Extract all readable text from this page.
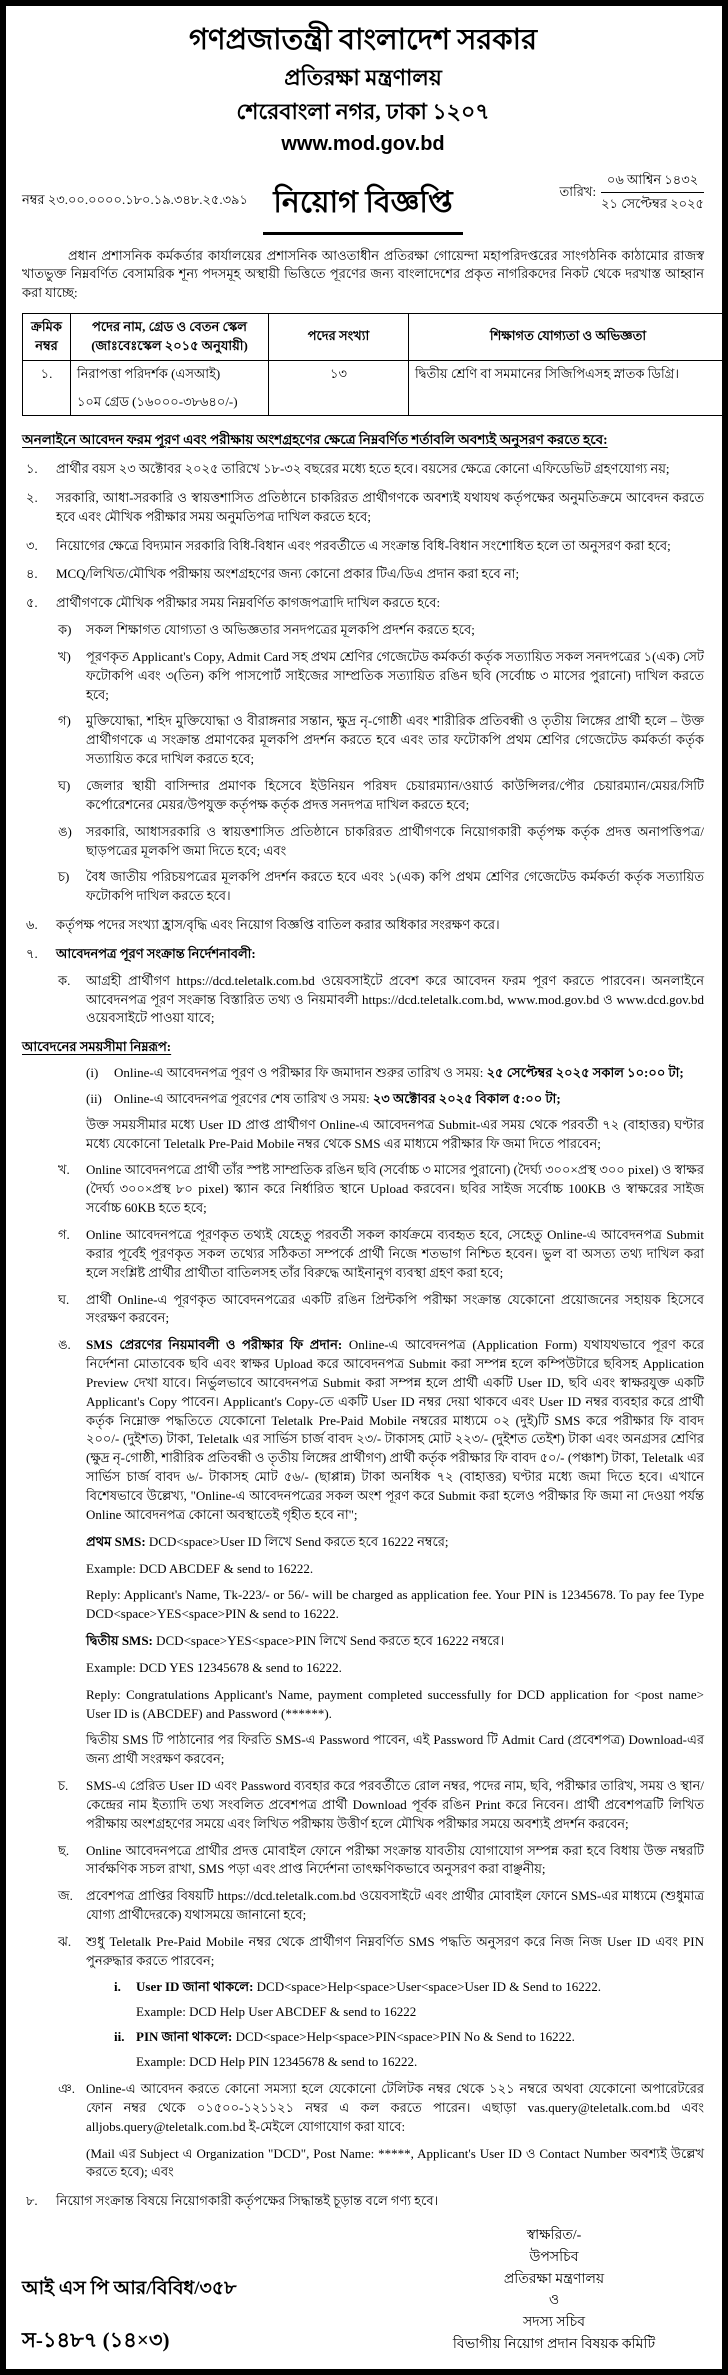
গণপ্রজাতন্ত্রী বাংলাদেশ সরকার
প্রতিরক্ষা মন্ত্রণালয়
শেরেবাংলা নগর, ঢাকা ১২০৭
www.mod.gov.bd
নম্বর ২৩.০০.০০০০.১৮০.১৯.৩৪৮.২৫.৩৯১ নিয়োগ বিজ্ঞপ্তি	তারিখ:
০৬ আশ্বিন ১৪৩২
২১ সেপ্টেম্বর ২০২৫
প্রধান প্রশাসনিক কর্মকর্তার কার্যালয়ের প্রশাসনিক আওতাধীন প্রতিরক্ষা গোয়েন্দা মহাপরিদপ্তরের সাংগঠনিক কাঠামোর রাজস্ব খাতভুক্ত নিম্নবর্ণিত বেসামরিক শূন্য পদসমূহ অস্থায়ী ভিত্তিতে পূরণের জন্য বাংলাদেশের প্রকৃত নাগরিকদের নিকট থেকে দরখাস্ত আহ্বান করা যাচ্ছে:
ক্রমিক নম্বর	পদের নাম, গ্রেড ও বেতন স্কেল (জাঃবেঃস্কেল ২০১৫ অনুযায়ী)	পদের সংখ্যা	শিক্ষাগত যোগ্যতা ও অভিজ্ঞতা
১.	নিরাপত্তা পরিদর্শক (এসআই)
১০ম গ্রেড (১৬০০০-৩৮৬৪০/-)	১৩	দ্বিতীয় শ্রেণি বা সমমানের সিজিপিএসহ স্নাতক ডিগ্রি।
অনলাইনে আবেদন ফরম পূরণ এবং পরীক্ষায় অংশগ্রহণের ক্ষেত্রে নিম্নবর্ণিত শর্তাবলি অবশ্যই অনুসরণ করতে হবে:
১.	প্রার্থীর বয়স ২৩ অক্টোবর ২০২৫ তারিখে ১৮-৩২ বছরের মধ্যে হতে হবে। বয়সের ক্ষেত্রে কোনো এফিডেভিট গ্রহণযোগ্য নয়;
২.	সরকারি, আধা-সরকারি ও স্বায়ত্তশাসিত প্রতিষ্ঠানে চাকরিরত প্রার্থীগণকে অবশ্যই যথাযথ কর্তৃপক্ষের অনুমতিক্রমে আবেদন করতে হবে এবং মৌখিক পরীক্ষার সময় অনুমতিপত্র দাখিল করতে হবে;
৩.	নিয়োগের ক্ষেত্রে বিদ্যমান সরকারি বিধি-বিধান এবং পরবর্তীতে এ সংক্রান্ত বিধি-বিধান সংশোধিত হলে তা অনুসরণ করা হবে;
৪.	MCQ/লিখিত/মৌখিক পরীক্ষায় অংশগ্রহণের জন্য কোনো প্রকার টিএ/ডিএ প্রদান করা হবে না;
৫.	প্রার্থীগণকে মৌখিক পরীক্ষার সময় নিম্নবর্ণিত কাগজপত্রাদি দাখিল করতে হবে:
ক)	সকল শিক্ষাগত যোগ্যতা ও অভিজ্ঞতার সনদপত্রের মূলকপি প্রদর্শন করতে হবে;
খ)	পূরণকৃত Applicant's Copy, Admit Card সহ প্রথম শ্রেণির গেজেটেড কর্মকর্তা কর্তৃক সত্যায়িত সকল সনদপত্রের ১(এক) সেট ফটোকপি এবং ৩(তিন) কপি পাসপোর্ট সাইজের সাম্প্রতিক সত্যায়িত রঙিন ছবি (সর্বোচ্চ ৩ মাসের পুরানো) দাখিল করতে হবে;
গ)	মুক্তিযোদ্ধা, শহিদ মুক্তিযোদ্ধা ও বীরাঙ্গনার সন্তান, ক্ষুদ্র নৃ-গোষ্ঠী এবং শারীরিক প্রতিবন্ধী ও তৃতীয় লিঙ্গের প্রার্থী হলে – উক্ত প্রার্থীগণকে এ সংক্রান্ত প্রমাণকের মূলকপি প্রদর্শন করতে হবে এবং তার ফটোকপি প্রথম শ্রেণির গেজেটেড কর্মকর্তা কর্তৃক সত্যায়িত করে দাখিল করতে হবে;
ঘ)	জেলার স্থায়ী বাসিন্দার প্রমাণক হিসেবে ইউনিয়ন পরিষদ চেয়ারম্যান/ওয়ার্ড কাউন্সিলর/পৌর চেয়ারম্যান/মেয়র/সিটি কর্পোরেশনের মেয়র/উপযুক্ত কর্তৃপক্ষ কর্তৃক প্রদত্ত সনদপত্র দাখিল করতে হবে;
ঙ)	সরকারি, আধাসরকারি ও স্বায়ত্তশাসিত প্রতিষ্ঠানে চাকরিরত প্রার্থীগণকে নিয়োগকারী কর্তৃপক্ষ কর্তৃক প্রদত্ত অনাপত্তিপত্র/ছাড়পত্রের মূলকপি জমা দিতে হবে; এবং
চ)	বৈধ জাতীয় পরিচয়পত্রের মূলকপি প্রদর্শন করতে হবে এবং ১(এক) কপি প্রথম শ্রেণির গেজেটেড কর্মকর্তা কর্তৃক সত্যায়িত ফটোকপি দাখিল করতে হবে।
৬.	কর্তৃপক্ষ পদের সংখ্যা হ্রাস/বৃদ্ধি এবং নিয়োগ বিজ্ঞপ্তি বাতিল করার অধিকার সংরক্ষণ করে।
৭.	আবেদনপত্র পূরণ সংক্রান্ত নির্দেশনাবলী:
ক.	আগ্রহী প্রার্থীগণ https://dcd.teletalk.com.bd ওয়েবসাইটে প্রবেশ করে আবেদন ফরম পূরণ করতে পারবেন। অনলাইনে আবেদনপত্র পূরণ সংক্রান্ত বিস্তারিত তথ্য ও নিয়মাবলী https://dcd.teletalk.com.bd, www.mod.gov.bd ও www.dcd.gov.bd ওয়েবসাইটে পাওয়া যাবে;
আবেদনের সময়সীমা নিম্নরূপ:
(i)	Online-এ আবেদনপত্র পূরণ ও পরীক্ষার ফি জমাদান শুরুর তারিখ ও সময়: ২৫ সেপ্টেম্বর ২০২৫ সকাল ১০:০০ টা;
(ii) Online-এ আবেদনপত্র পূরণের শেষ তারিখ ও সময়: ২৩ অক্টোবর ২০২৫ বিকাল ৫:০০ টা;
উক্ত সময়সীমার মধ্যে User ID প্রাপ্ত প্রার্থীগণ Online-এ আবেদনপত্র Submit-এর সময় থেকে পরবর্তী ৭২ (বাহাত্তর) ঘণ্টার মধ্যে যেকোনো Teletalk Pre-Paid Mobile নম্বর থেকে SMS এর মাধ্যমে পরীক্ষার ফি জমা দিতে পারবেন;
খ.	Online আবেদনপত্রে প্রার্থী তাঁর স্পষ্ট সাম্প্রতিক রঙিন ছবি (সর্বোচ্চ ৩ মাসের পুরানো) (দৈর্ঘ্য ৩০০×প্রস্থ ৩০০ pixel) ও স্বাক্ষর (দৈর্ঘ্য ৩০০×প্রস্থ ৮০ pixel) স্ক্যান করে নির্ধারিত স্থানে Upload করবেন। ছবির সাইজ সর্বোচ্চ 100KB ও স্বাক্ষরের সাইজ সর্বোচ্চ 60KB হতে হবে;
গ.	Online আবেদনপত্রে পূরণকৃত তথ্যই যেহেতু পরবর্তী সকল কার্যক্রমে ব্যবহৃত হবে, সেহেতু Online-এ আবেদনপত্র Submit করার পূর্বেই পূরণকৃত সকল তথ্যের সঠিকতা সম্পর্কে প্রার্থী নিজে শতভাগ নিশ্চিত হবেন। ভুল বা অসত্য তথ্য দাখিল করা হলে সংশ্লিষ্ট প্রার্থীর প্রার্থীতা বাতিলসহ তাঁর বিরুদ্ধে আইনানুগ ব্যবস্থা গ্রহণ করা হবে;
ঘ.	প্রার্থী Online-এ পূরণকৃত আবেদনপত্রের একটি রঙিন প্রিন্টকপি পরীক্ষা সংক্রান্ত যেকোনো প্রয়োজনের সহায়ক হিসেবে সংরক্ষণ করবেন;
ঙ.	SMS প্রেরণের নিয়মাবলী ও পরীক্ষার ফি প্রদান: Online-এ আবেদনপত্র (Application Form) যথাযথভাবে পূরণ করে নির্দেশনা মোতাবেক ছবি এবং স্বাক্ষর Upload করে আবেদনপত্র Submit করা সম্পন্ন হলে কম্পিউটারে ছবিসহ Application Preview দেখা যাবে। নির্ভুলভাবে আবেদনপত্র Submit করা সম্পন্ন হলে প্রার্থী একটি User ID, ছবি এবং স্বাক্ষরযুক্ত একটি Applicant's Copy পাবেন। Applicant's Copy-তে একটি User ID নম্বর দেয়া থাকবে এবং User ID নম্বর ব্যবহার করে প্রার্থী কর্তৃক নিম্নোক্ত পদ্ধতিতে যেকোনো Teletalk Pre-Paid Mobile নম্বরের মাধ্যমে ০২ (দুই)টি SMS করে পরীক্ষার ফি বাবদ ২০০/- (দুইশত) টাকা, Teletalk এর সার্ভিস চার্জ বাবদ ২৩/- টাকাসহ মোট ২২৩/- (দুইশত তেইশ) টাকা এবং অনগ্রসর শ্রেণির (ক্ষুদ্র নৃ-গোষ্ঠী, শারীরিক প্রতিবন্ধী ও তৃতীয় লিঙ্গের প্রার্থীগণ) প্রার্থী কর্তৃক পরীক্ষার ফি বাবদ ৫০/- (পঞ্চাশ) টাকা, Teletalk এর সার্ভিস চার্জ বাবদ ৬/- টাকাসহ মোট ৫৬/- (ছাপ্পান্ন) টাকা অনধিক ৭২ (বাহাত্তর) ঘণ্টার মধ্যে জমা দিতে হবে। এখানে বিশেষভাবে উল্লেখ্য, "Online-এ আবেদনপত্রের সকল অংশ পূরণ করে Submit করা হলেও পরীক্ষার ফি জমা না দেওয়া পর্যন্ত Online আবেদনপত্র কোনো অবস্থাতেই গৃহীত হবে না";
প্রথম SMS: DCD<space>User ID লিখে Send করতে হবে 16222 নম্বরে;
Example: DCD ABCDEF & send to 16222.
Reply: Applicant's Name, Tk-223/- or 56/- will be charged as application fee. Your PIN is 12345678. To pay fee Type DCD<space>YES<space>PIN & send to 16222.
দ্বিতীয় SMS: DCD<space>YES<space>PIN লিখে Send করতে হবে 16222 নম্বরে।
Example: DCD YES 12345678 & send to 16222.
Reply: Congratulations Applicant's Name, payment completed successfully for DCD application for <post name> User ID is (ABCDEF) and Password (******).
দ্বিতীয় SMS টি পাঠানোর পর ফিরতি SMS-এ Password পাবেন, এই Password টি Admit Card (প্রবেশপত্র) Download-এর জন্য প্রার্থী সংরক্ষণ করবেন;
চ.	SMS-এ প্রেরিত User ID এবং Password ব্যবহার করে পরবর্তীতে রোল নম্বর, পদের নাম, ছবি, পরীক্ষার তারিখ, সময় ও স্থান/কেন্দ্রের নাম ইত্যাদি তথ্য সংবলিত প্রবেশপত্র প্রার্থী Download পূর্বক রঙিন Print করে নিবেন। প্রার্থী প্রবেশপত্রটি লিখিত পরীক্ষায় অংশগ্রহণের সময়ে এবং লিখিত পরীক্ষায় উত্তীর্ণ হলে মৌখিক পরীক্ষার সময়ে অবশ্যই প্রদর্শন করবেন;
ছ.	Online আবেদনপত্রে প্রার্থীর প্রদত্ত মোবাইল ফোনে পরীক্ষা সংক্রান্ত যাবতীয় যোগাযোগ সম্পন্ন করা হবে বিধায় উক্ত নম্বরটি সার্বক্ষণিক সচল রাখা, SMS পড়া এবং প্রাপ্ত নির্দেশনা তাৎক্ষণিকভাবে অনুসরণ করা বাঞ্ছনীয়;
জ.	প্রবেশপত্র প্রাপ্তির বিষয়টি https://dcd.teletalk.com.bd ওয়েবসাইটে এবং প্রার্থীর মোবাইল ফোনে SMS-এর মাধ্যমে (শুধুমাত্র যোগ্য প্রার্থীদেরকে) যথাসময়ে জানানো হবে;
ঝ.	শুধু Teletalk Pre-Paid Mobile নম্বর থেকে প্রার্থীগণ নিম্নবর্ণিত SMS পদ্ধতি অনুসরণ করে নিজ নিজ User ID এবং PIN পুনরুদ্ধার করতে পারবেন;
i.	User ID জানা থাকলে: DCD<space>Help<space>User<space>User ID & Send to 16222.
Example: DCD Help User ABCDEF & send to 16222
ii. PIN জানা থাকলে: DCD<space>Help<space>PIN<space>PIN No & Send to 16222.
Example: DCD Help PIN 12345678 & send to 16222.
ঞ. Online-এ আবেদন করতে কোনো সমস্যা হলে যেকোনো টেলিটক নম্বর থেকে ১২১ নম্বরে অথবা যেকোনো অপারেটরের ফোন নম্বর থেকে ০১৫০০-১২১১২১ নম্বর এ কল করতে পারেন। এছাড়া vas.query@teletalk.com.bd এবং alljobs.query@teletalk.com.bd ই-মেইলে যোগাযোগ করা যাবে:
(Mail এর Subject এ Organization "DCD", Post Name: *****, Applicant's User ID ও Contact Number অবশ্যই উল্লেখ করতে হবে); এবং
৮.	নিয়োগ সংক্রান্ত বিষয়ে নিয়োগকারী কর্তৃপক্ষের সিদ্ধান্তই চূড়ান্ত বলে গণ্য হবে।
আই এস পি আর/বিবিধ/৩৫৮
স-১৪৮৭ (১৪×৩)
স্বাক্ষরিত/-
উপসচিব
প্রতিরক্ষা মন্ত্রণালয়
ও
সদস্য সচিব
বিভাগীয় নিয়োগ প্রদান বিষয়ক কমিটি
